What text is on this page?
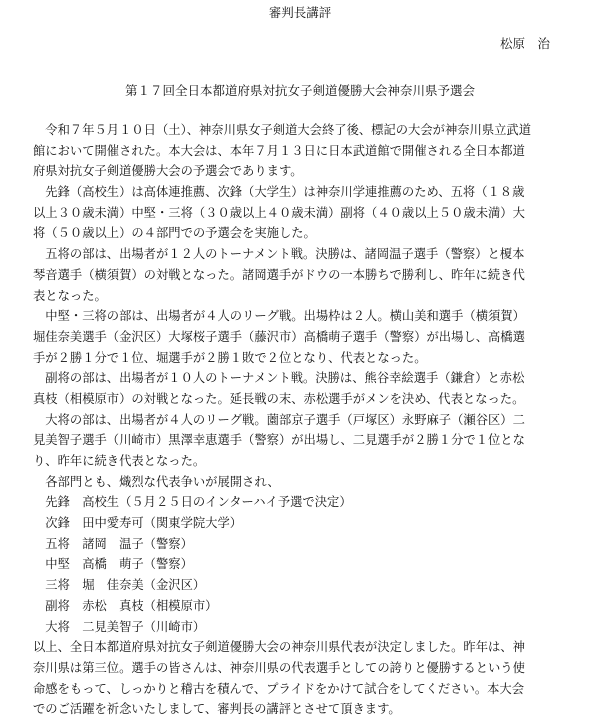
審判長講評
松原　治
第１７回全日本都道府県対抗女子剣道優勝大会神奈川県予選会
　令和７年５月１０日（土）、神奈川県女子剣道大会終了後、標記の大会が神奈川県立武道
館において開催された。本大会は、本年７月１３日に日本武道館で開催される全日本都道
府県対抗女子剣道優勝大会の予選会であります。
　先鋒（高校生）は高体連推薦、次鋒（大学生）は神奈川学連推薦のため、五将（１８歳
以上３０歳未満）中堅・三将（３０歳以上４０歳未満）副将（４０歳以上５０歳未満）大
将（５０歳以上）の４部門での予選会を実施した。
　五将の部は、出場者が１２人のトーナメント戦。決勝は、諸岡温子選手（警察）と榎本
琴音選手（横須賀）の対戦となった。諸岡選手がドウの一本勝ちで勝利し、昨年に続き代
表となった。
　中堅・三将の部は、出場者が４人のリーグ戦。出場枠は２人。横山美和選手（横須賀）
堀佳奈美選手（金沢区）大塚桜子選手（藤沢市）高橋萌子選手（警察）が出場し、高橋選
手が２勝１分で１位、堀選手が２勝１敗で２位となり、代表となった。
　副将の部は、出場者が１０人のトーナメント戦。決勝は、熊谷幸絵選手（鎌倉）と赤松
真枝（相模原市）の対戦となった。延長戦の末、赤松選手がメンを決め、代表となった。
　大将の部は、出場者が４人のリーグ戦。薗部京子選手（戸塚区）永野麻子（瀬谷区）二
見美智子選手（川崎市）黒澤幸恵選手（警察）が出場し、二見選手が２勝１分で１位とな
り、昨年に続き代表となった。
　各部門とも、熾烈な代表争いが展開され、
　先鋒　高校生（５月２５日のインターハイ予選で決定）
　次鋒　田中愛寿可（関東学院大学）
　五将　諸岡　温子（警察）
　中堅　高橋　萌子（警察）
　三将　堀　佳奈美（金沢区）
　副将　赤松　真枝（相模原市）
　大将　二見美智子（川崎市）
以上、全日本都道府県対抗女子剣道優勝大会の神奈川県代表が決定しました。昨年は、神
奈川県は第三位。選手の皆さんは、神奈川県の代表選手としての誇りと優勝するという使
命感をもって、しっかりと稽古を積んで、プライドをかけて試合をしてください。本大会
でのご活躍を祈念いたしまして、審判長の講評とさせて頂きます。
